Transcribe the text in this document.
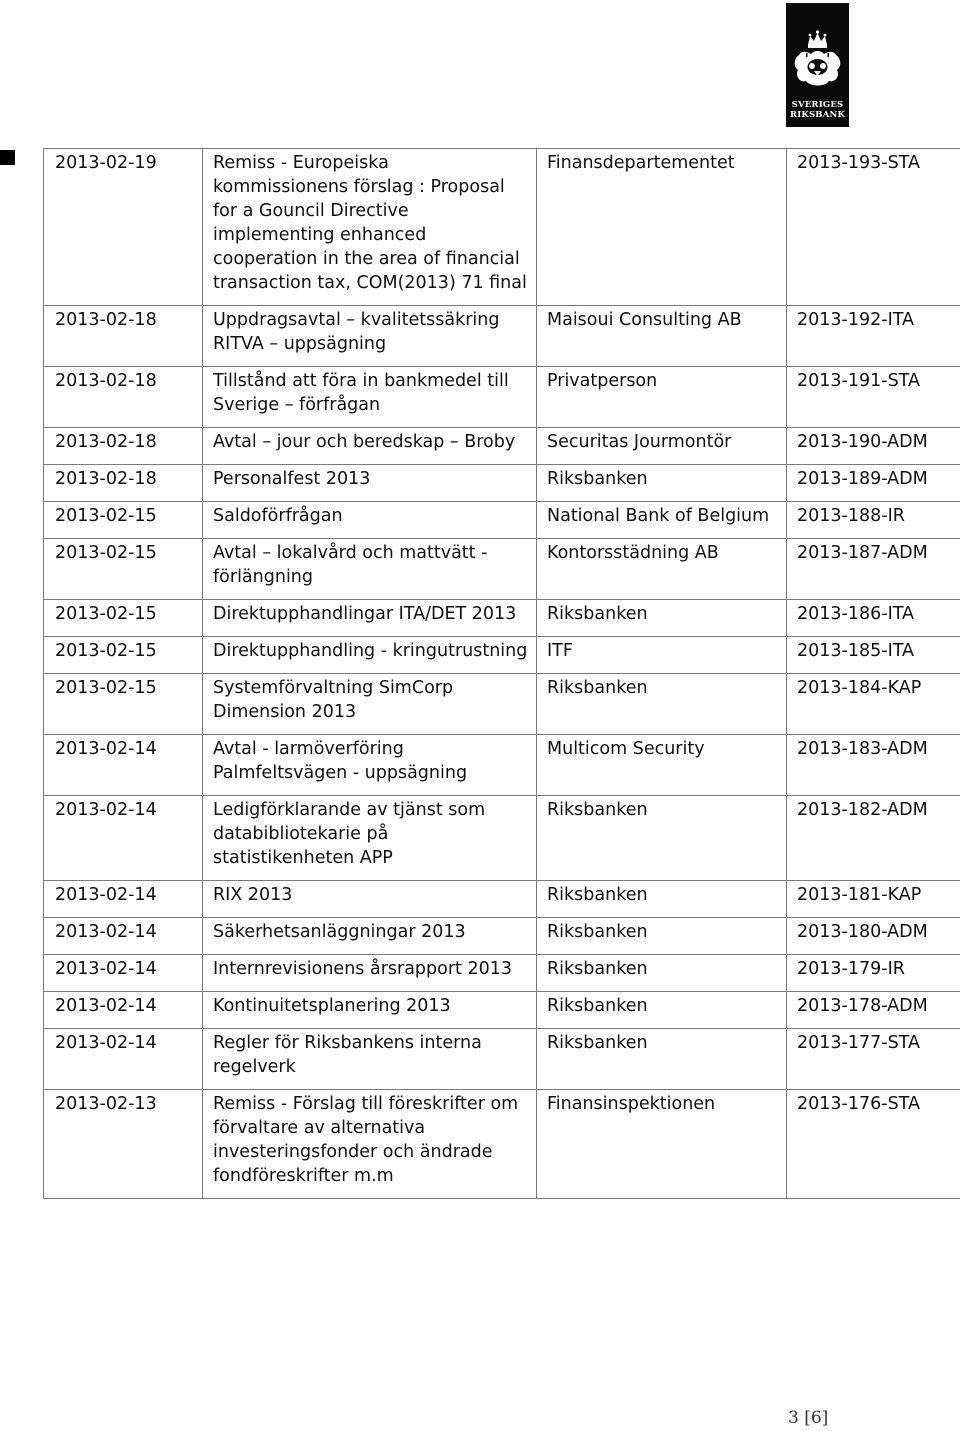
SVERIGES
RIKSBANK
2013-02-19	Remiss - Europeiska kommissionens förslag : Proposal for a Gouncil Directive implementing enhanced cooperation in the area of financial transaction tax, COM(2013) 71 final	Finansdepartementet	2013-193-STA
2013-02-18	Uppdragsavtal – kvalitetssäkring RITVA – uppsägning	Maisoui Consulting AB	2013-192-ITA
2013-02-18	Tillstånd att föra in bankmedel till Sverige – förfrågan	Privatperson	2013-191-STA
2013-02-18	Avtal – jour och beredskap – Broby	Securitas Jourmontör	2013-190-ADM
2013-02-18	Personalfest 2013	Riksbanken	2013-189-ADM
2013-02-15	Saldoförfrågan	National Bank of Belgium	2013-188-IR
2013-02-15	Avtal – lokalvård och mattvätt - förlängning	Kontorsstädning AB	2013-187-ADM
2013-02-15	Direktupphandlingar ITA/DET 2013	Riksbanken	2013-186-ITA
2013-02-15	Direktupphandling - kringutrustning	ITF	2013-185-ITA
2013-02-15	Systemförvaltning SimCorp Dimension 2013	Riksbanken	2013-184-KAP
2013-02-14	Avtal - larmöverföring Palmfeltsvägen - uppsägning	Multicom Security	2013-183-ADM
2013-02-14	Ledigförklarande av tjänst som databibliotekarie på statistikenheten APP	Riksbanken	2013-182-ADM
2013-02-14	RIX 2013	Riksbanken	2013-181-KAP
2013-02-14	Säkerhetsanläggningar 2013	Riksbanken	2013-180-ADM
2013-02-14	Internrevisionens årsrapport 2013	Riksbanken	2013-179-IR
2013-02-14	Kontinuitetsplanering 2013	Riksbanken	2013-178-ADM
2013-02-14	Regler för Riksbankens interna regelverk	Riksbanken	2013-177-STA
2013-02-13	Remiss - Förslag till föreskrifter om förvaltare av alternativa investeringsfonder och ändrade fondföreskrifter m.m	Finansinspektionen	2013-176-STA
3 [6]
